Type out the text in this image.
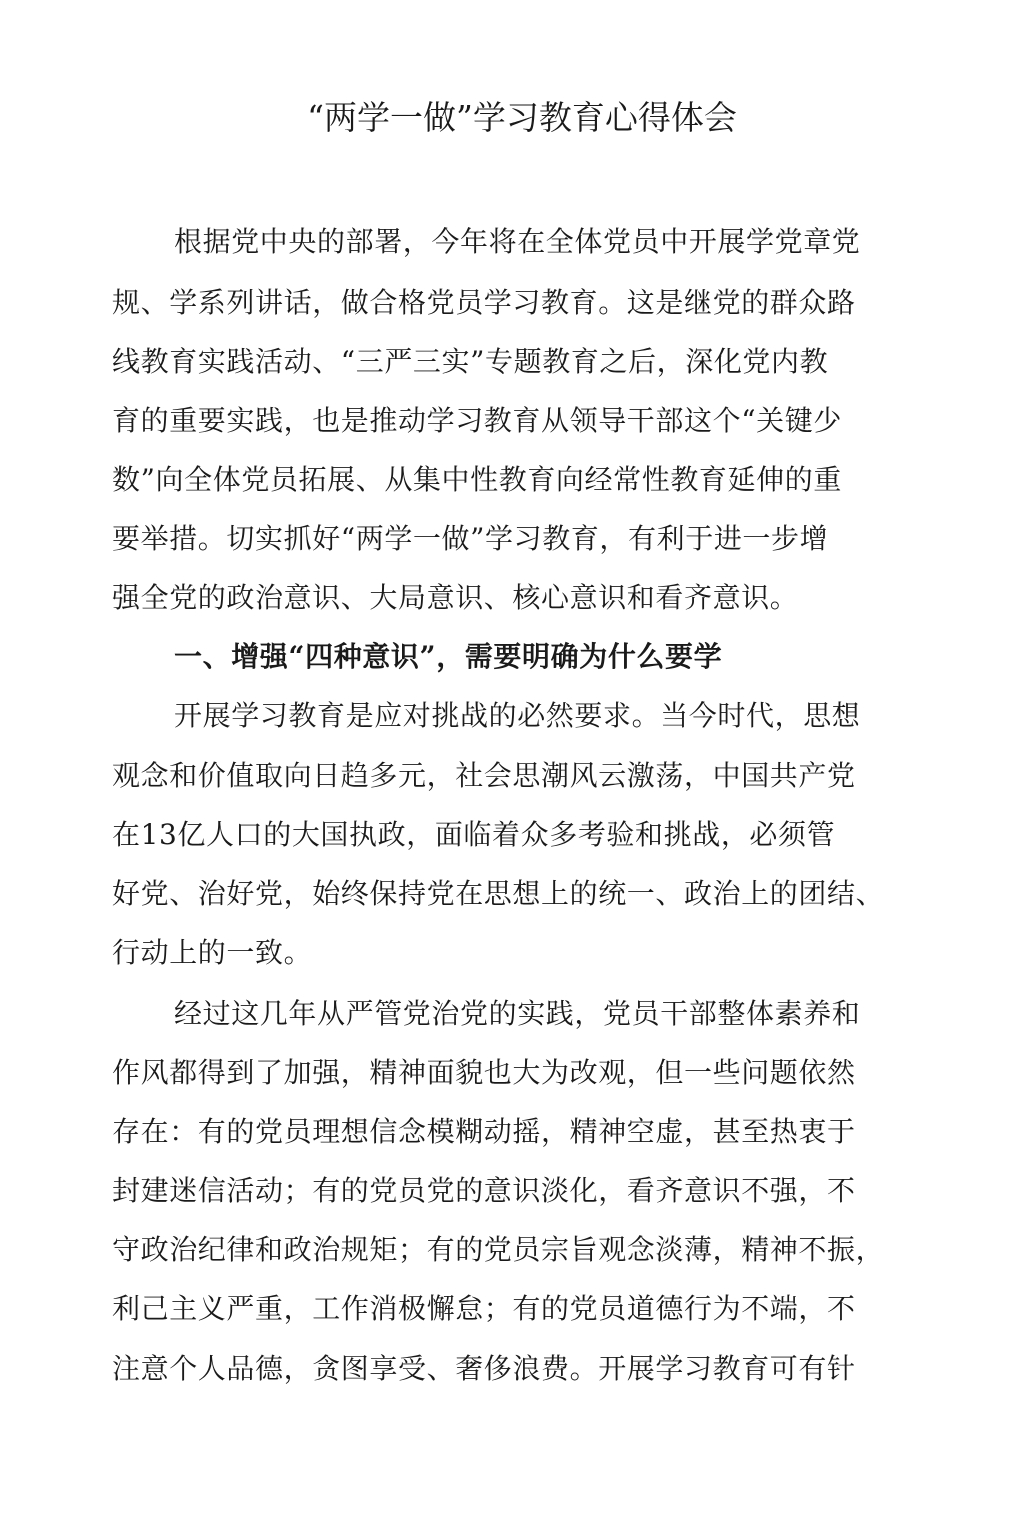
“两学一做”学习教育心得体会
根据党中央的部署，今年将在全体党员中开展学党章党
规、学系列讲话，做合格党员学习教育。这是继党的群众路
线教育实践活动、“三严三实”专题教育之后，深化党内教
育的重要实践，也是推动学习教育从领导干部这个“关键少
数”向全体党员拓展、从集中性教育向经常性教育延伸的重
要举措。切实抓好“两学一做”学习教育，有利于进一步增
强全党的政治意识、大局意识、核心意识和看齐意识。
一、增强“四种意识”，需要明确为什么要学
开展学习教育是应对挑战的必然要求。当今时代，思想
观念和价值取向日趋多元，社会思潮风云激荡，中国共产党
在13亿人口的大国执政，面临着众多考验和挑战，必须管
好党、治好党，始终保持党在思想上的统一、政治上的团结、
行动上的一致。
经过这几年从严管党治党的实践，党员干部整体素养和
作风都得到了加强，精神面貌也大为改观，但一些问题依然
存在：有的党员理想信念模糊动摇，精神空虚，甚至热衷于
封建迷信活动；有的党员党的意识淡化，看齐意识不强，不
守政治纪律和政治规矩；有的党员宗旨观念淡薄，精神不振，
利己主义严重，工作消极懈怠；有的党员道德行为不端，不
注意个人品德，贪图享受、奢侈浪费。开展学习教育可有针
